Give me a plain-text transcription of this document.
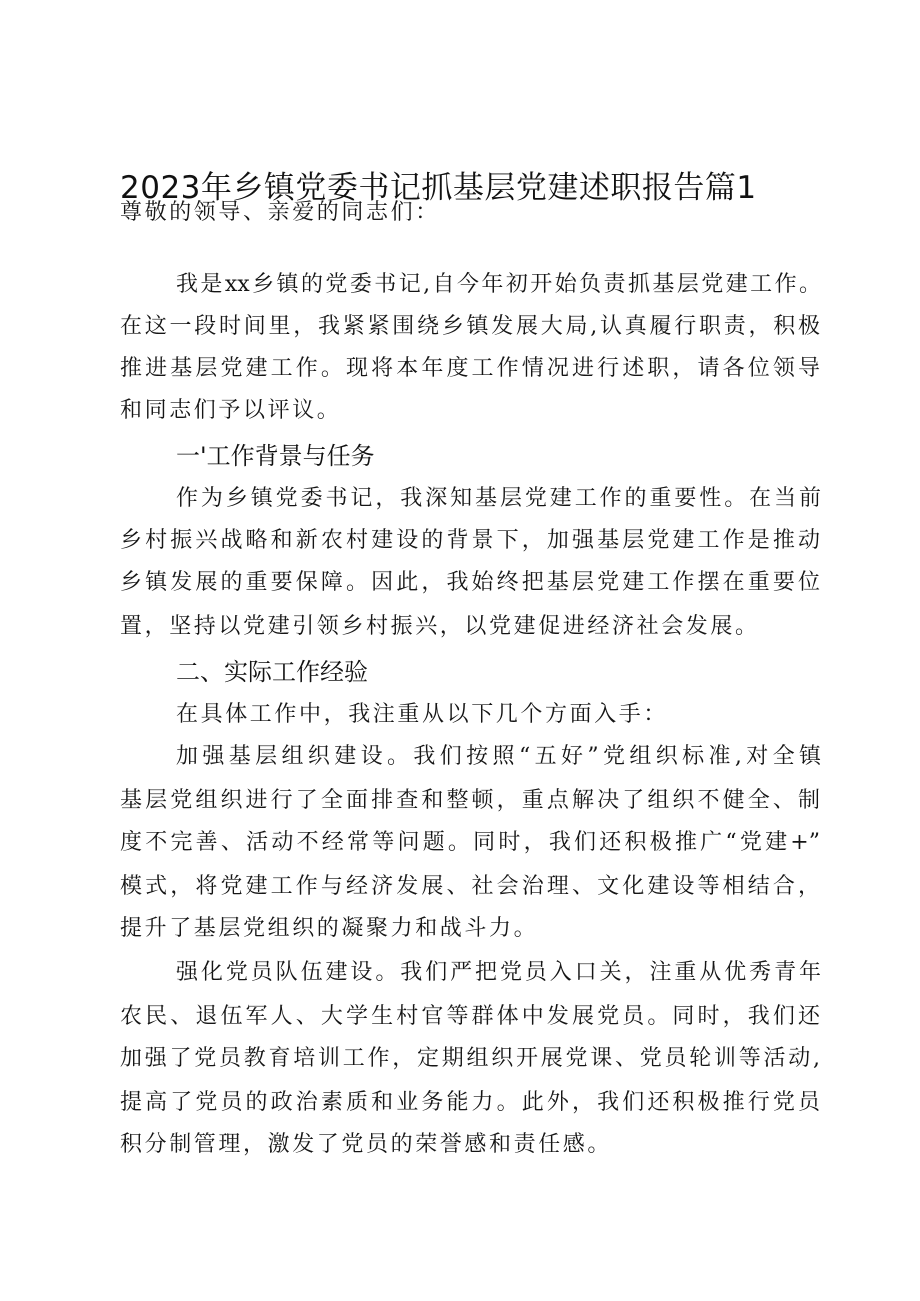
2023年乡镇党委书记抓基层党建述职报告篇1
尊敬的领导、亲爱的同志们：
我是xx乡镇的党委书记,自今年初开始负责抓基层党建工作。
在这一段时间里，我紧紧围绕乡镇发展大局,认真履行职责，积极
推进基层党建工作。现将本年度工作情况进行述职，请各位领导
和同志们予以评议。
一'工作背景与任务
作为乡镇党委书记，我深知基层党建工作的重要性。在当前
乡村振兴战略和新农村建设的背景下，加强基层党建工作是推动
乡镇发展的重要保障。因此，我始终把基层党建工作摆在重要位
置，坚持以党建引领乡村振兴，以党建促进经济社会发展。
二、实际工作经验
在具体工作中，我注重从以下几个方面入手：
加强基层组织建设。我们按照“五好”党组织标准,对全镇
基层党组织进行了全面排查和整顿，重点解决了组织不健全、制
度不完善、活动不经常等问题。同时，我们还积极推广“党建+”
模式，将党建工作与经济发展、社会治理、文化建设等相结合，
提升了基层党组织的凝聚力和战斗力。
强化党员队伍建设。我们严把党员入口关，注重从优秀青年
农民、退伍军人、大学生村官等群体中发展党员。同时，我们还
加强了党员教育培训工作，定期组织开展党课、党员轮训等活动,
提高了党员的政治素质和业务能力。此外，我们还积极推行党员
积分制管理，激发了党员的荣誉感和责任感。
